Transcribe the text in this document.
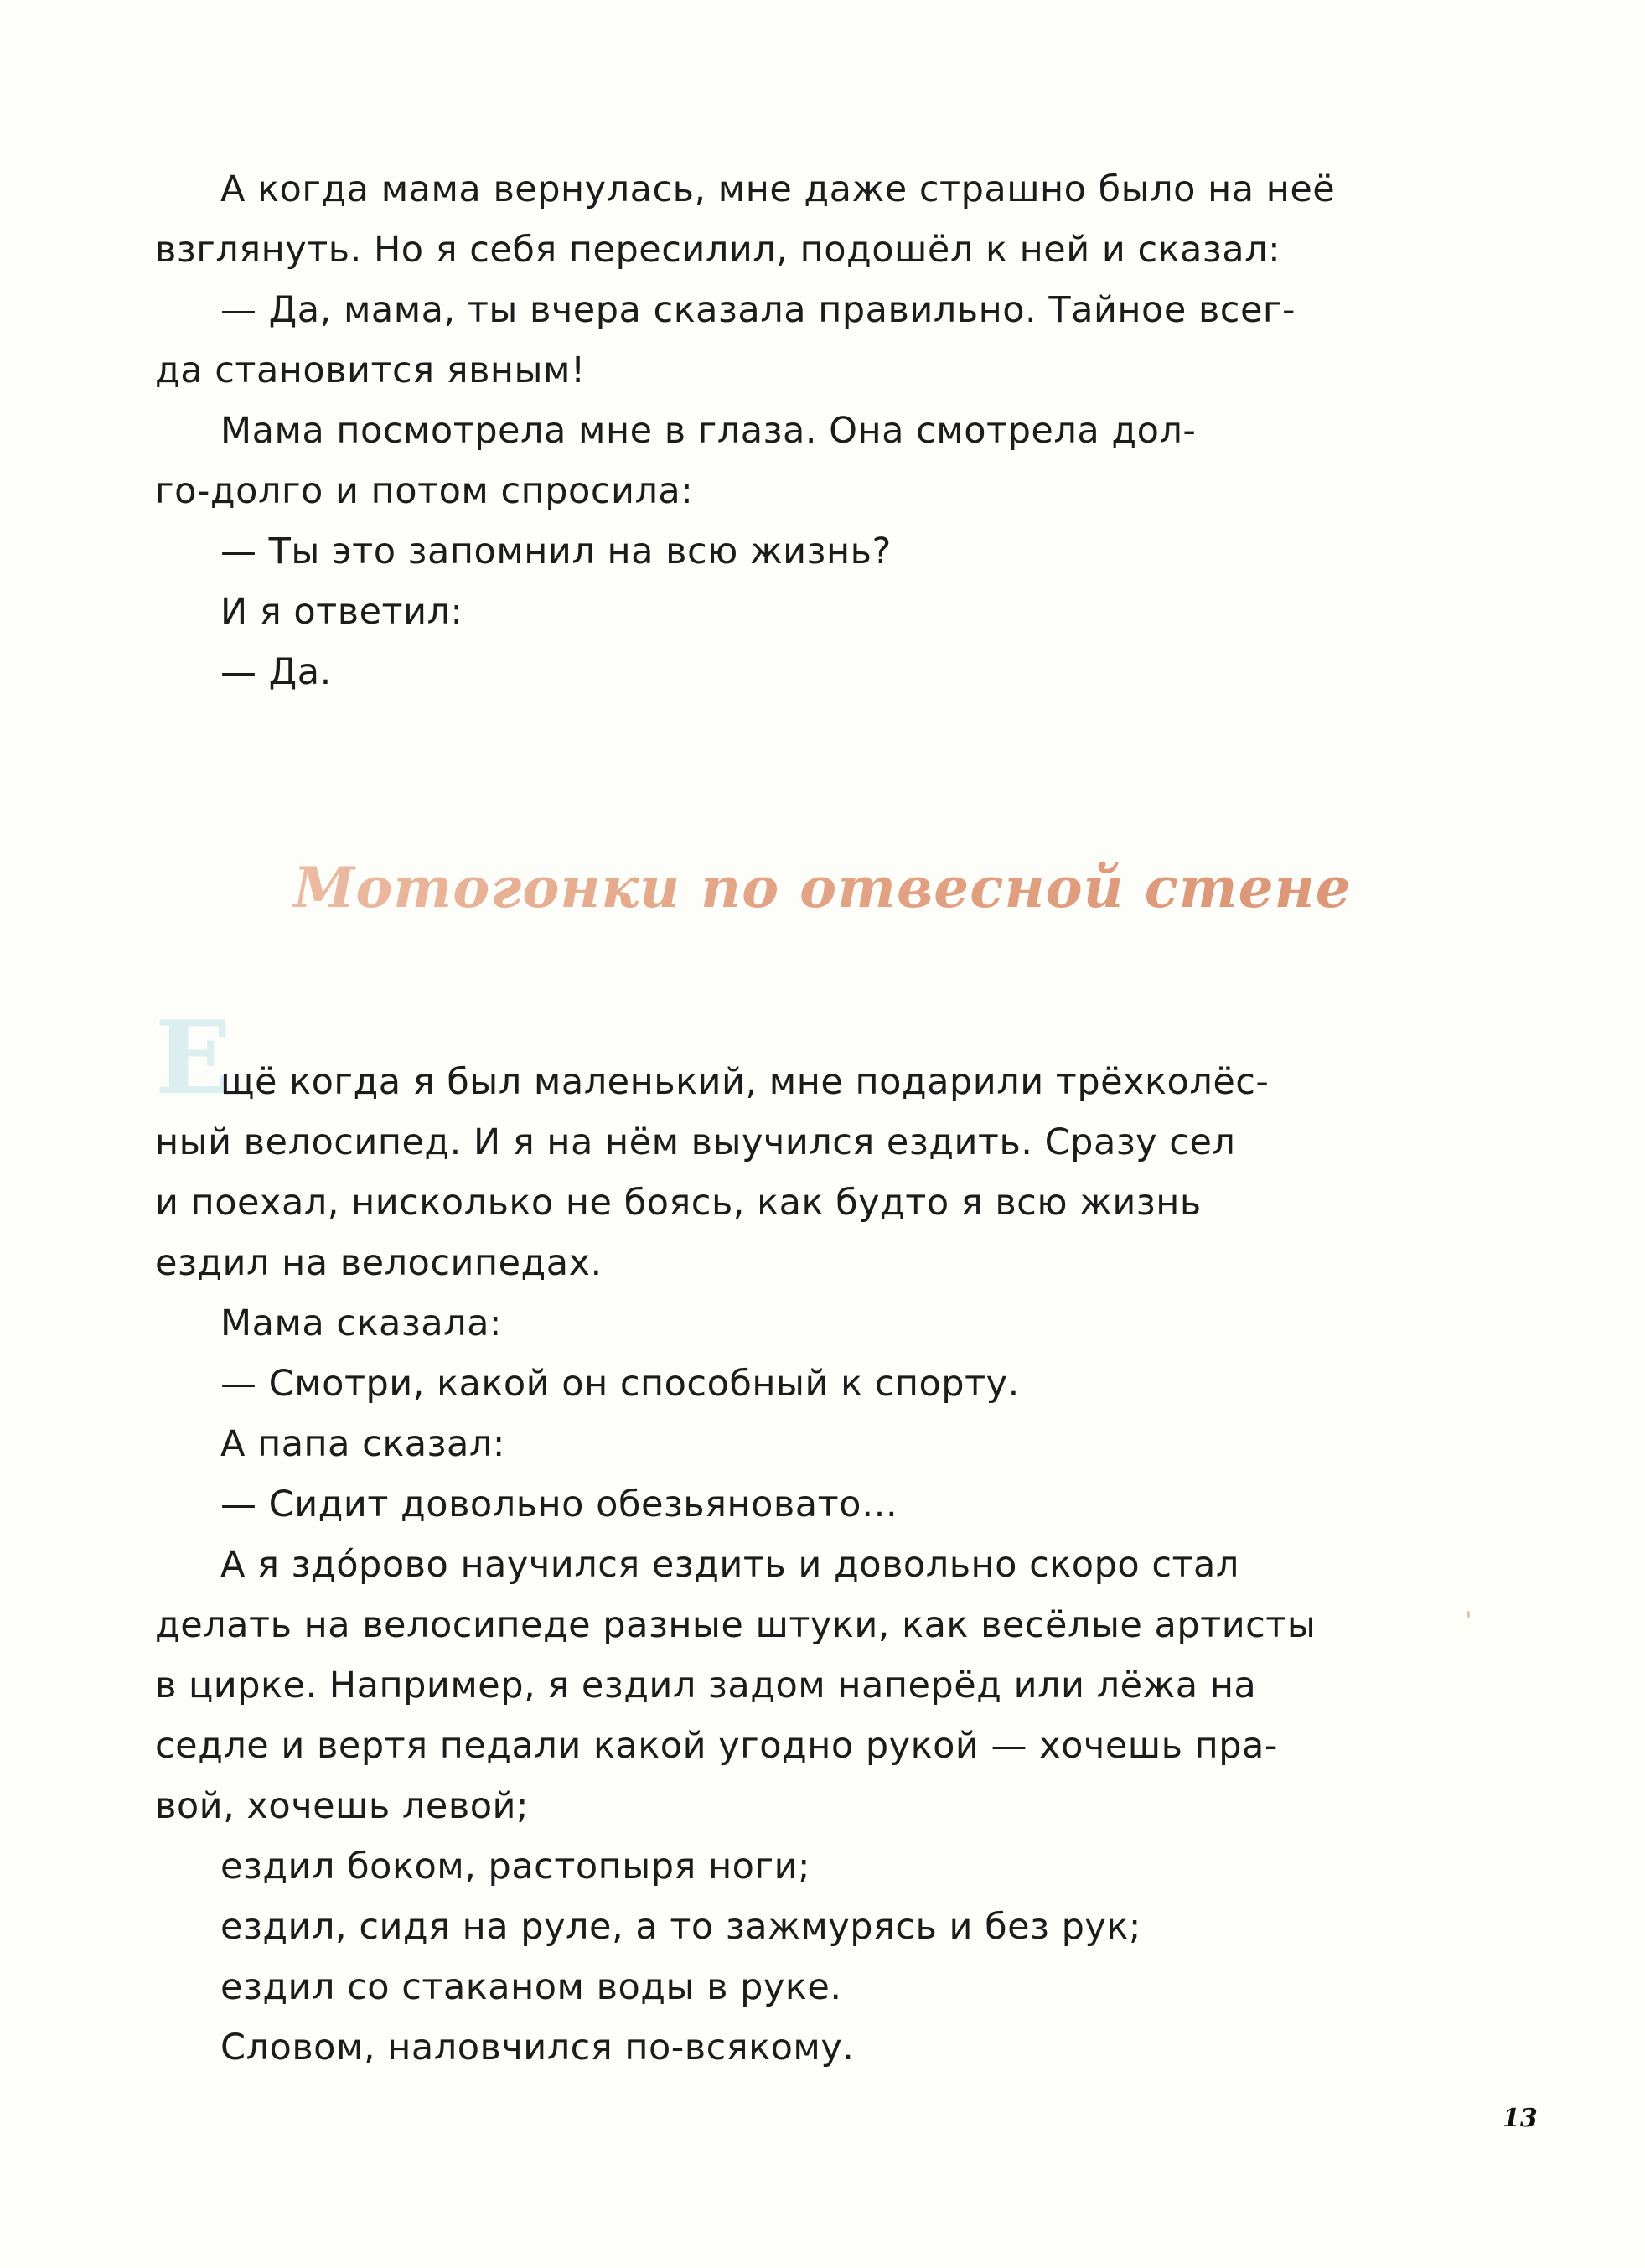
А когда мама вернулась, мне даже страшно было на неё

взглянуть. Но я себя пересилил, подошёл к ней и сказал:

— Да, мама, ты вчера сказала правильно. Тайное всег-

да становится явным!

Мама посмотрела мне в глаза. Она смотрела дол-

го-долго и потом спросила:

— Ты это запомнил на всю жизнь?

И я ответил:

— Да.

Мотогонки по отвесной стене
Е

щё когда я был маленький, мне подарили трёхколёс-

ный велосипед. И я на нём выучился ездить. Сразу сел

и поехал, нисколько не боясь, как будто я всю жизнь

ездил на велосипедах.

Мама сказала:

— Смотри, какой он способный к спорту.

А папа сказал:

— Сидит довольно обезьяновато…

А я здо́рово научился ездить и довольно скоро стал

делать на велосипеде разные штуки, как весёлые артисты

в цирке. Например, я ездил задом наперёд или лёжа на

седле и вертя педали какой угодно рукой — хочешь пра-

вой, хочешь левой;

ездил боком, растопыря ноги;

ездил, сидя на руле, а то зажмурясь и без рук;

ездил со стаканом воды в руке.

Словом, наловчился по-всякому.

13
